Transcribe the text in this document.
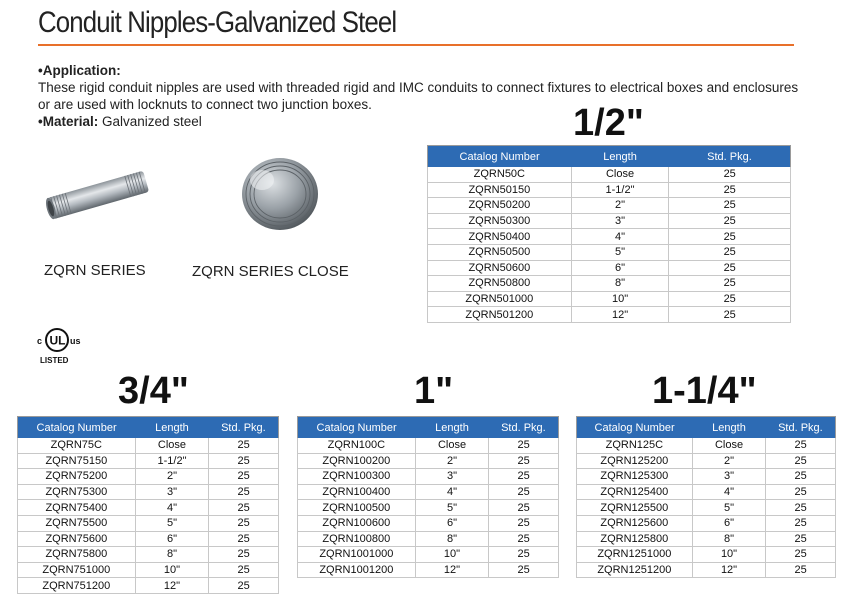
Conduit Nipples-Galvanized Steel

•Application:

These rigid conduit nipples are used with threaded rigid and IMC conduits to connect fixtures to electrical boxes and enclosures

or are used with locknuts to connect two junction boxes.

•Material: Galvanized steel

ZQRN SERIES	ZQRN SERIES CLOSE
c UL us
LISTED
1/2"
3/4"	1"	1-1/4"
Catalog Number	Length	Std. Pkg.
ZQRN50C	Close	25
ZQRN50150	1-1/2"	25
ZQRN50200	2"	25
ZQRN50300	3"	25
ZQRN50400	4"	25
ZQRN50500	5"	25
ZQRN50600	6"	25
ZQRN50800	8"	25
ZQRN501000	10"	25
ZQRN501200	12"	25
Catalog Number	Length	Std. Pkg.
ZQRN75C	Close	25
ZQRN75150	1-1/2"	25
ZQRN75200	2"	25
ZQRN75300	3"	25
ZQRN75400	4"	25
ZQRN75500	5"	25
ZQRN75600	6"	25
ZQRN75800	8"	25
ZQRN751000	10"	25
ZQRN751200	12"	25
Catalog Number	Length	Std. Pkg.
ZQRN100C	Close	25
ZQRN100200	2"	25
ZQRN100300	3"	25
ZQRN100400	4"	25
ZQRN100500	5"	25
ZQRN100600	6"	25
ZQRN100800	8"	25
ZQRN1001000	10"	25
ZQRN1001200	12"	25
Catalog Number	Length	Std. Pkg.
ZQRN125C	Close	25
ZQRN125200	2"	25
ZQRN125300	3"	25
ZQRN125400	4"	25
ZQRN125500	5"	25
ZQRN125600	6"	25
ZQRN125800	8"	25
ZQRN1251000	10"	25
ZQRN1251200	12"	25
